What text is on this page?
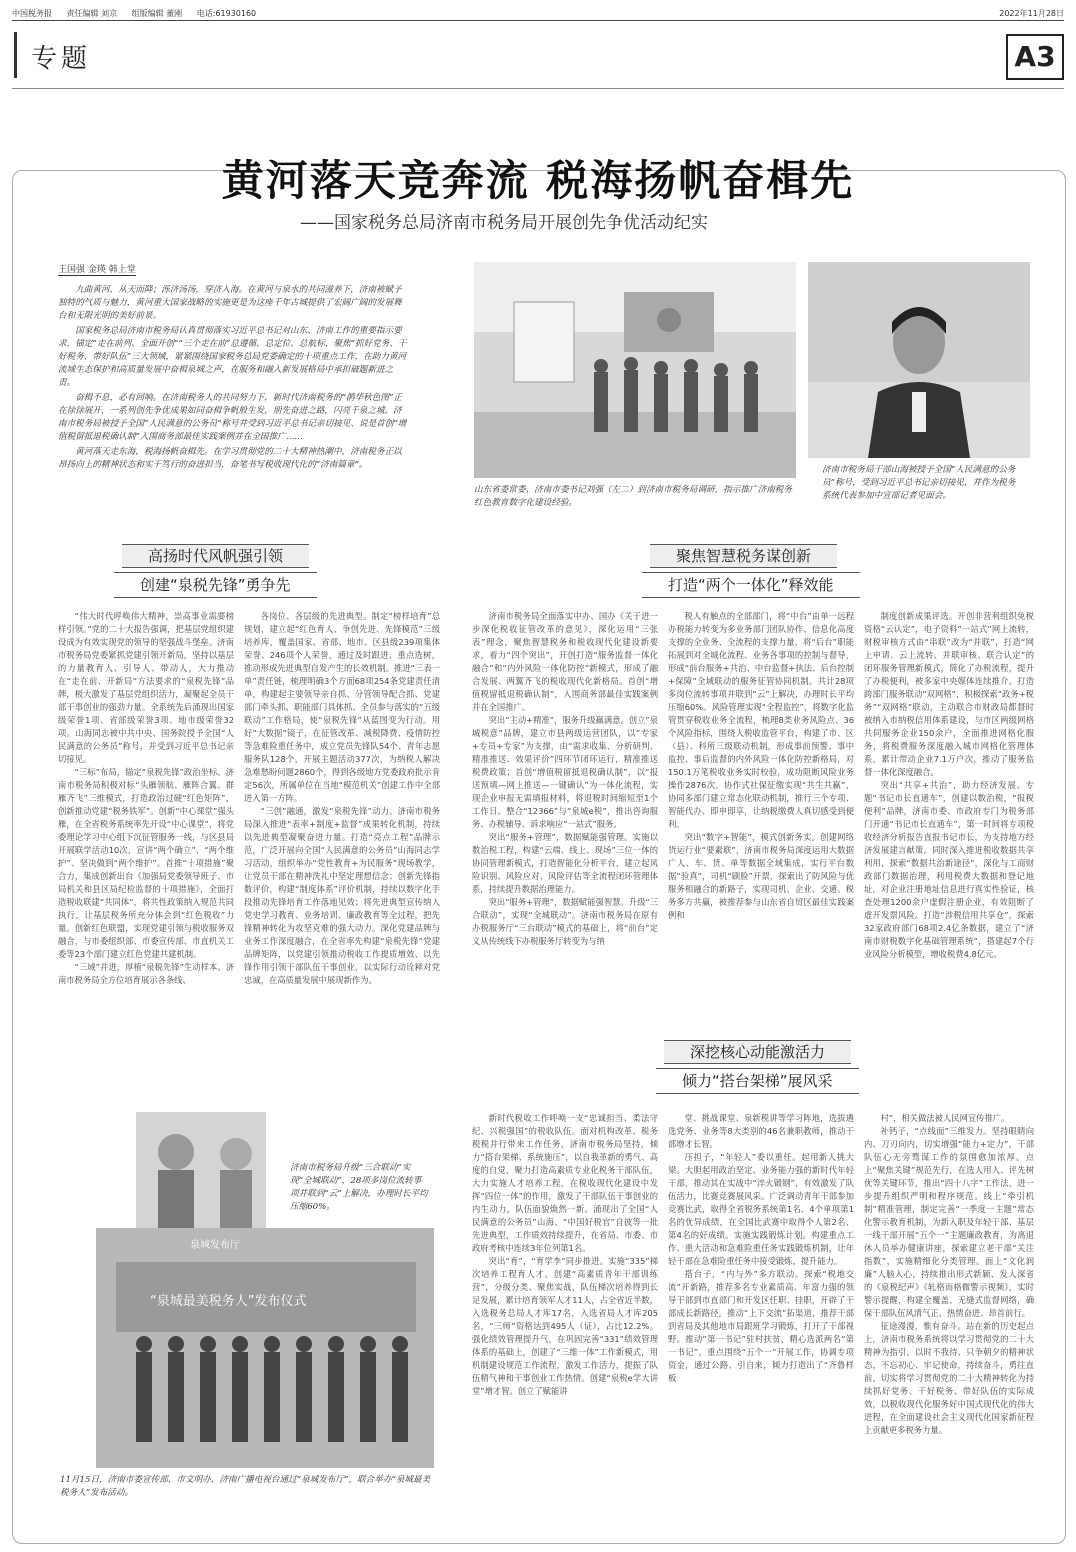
中国税务报 责任编辑 刘京 组版编辑 董刚 电话:61930160	2022年11月28日
专题	A3
黄河落天竞奔流 税海扬帆奋楫先
——国家税务总局济南市税务局开展创先争优活动纪实
王国强 金瑛 韩上堂

九曲黄河，从天而降；泺济汤汤，穿济入海。在黄河与泉水的共同滋养下，济南被赋予独特的气质与魅力，黄河重大国家战略的实施更是为这座千年古城提供了宏阔广阔的发展舞台和无限光明的美好前景。

国家税务总局济南市税务局认真贯彻落实习近平总书记对山东、济南工作的重要指示要求，锚定“走在前列、全面开创”“三个走在前”总遵循、总定位、总航标，聚焦“抓好党务、干好税务、带好队伍”三大领域，紧紧围绕国家税务总局党委确定的十项重点工作，在助力黄河流域生态保护和高质量发展中奋楫泉城之声，在服务和融入新发展格局中承担破题新进之责。

奋楫不息，必有回响。在济南税务人的共同努力下，新时代济南税务的“鹊华秋色图”正在徐徐展开，一系列创先争优成果如同奋楫争帆般生发，朋先奋进之路，闪亮千泉之城。济南市税务局被授予全国“人民满意的公务员”称号并受到习近平总书记亲切接见、说是首创“增值税留抵退税确认制”入围商务部最佳实践案例并在全国推广……

黄河落天走东海，税海扬帆奋楫先。在学习贯彻党的二十大精神热潮中，济南税务正以昂扬向上的精神状态和实干笃行的奋进担当，奋笔书写税收现代化的“济南篇章”。

山东省委常委、济南市委书记刘强（左二）到济南市税务局调研，指示推广济南税务红色教育数字化建设经验。
济南市税务局干部山海被授予全国“人民满意的公务员”称号，受到习近平总书记亲切接见，并作为税务系统代表参加中宣部记者见面会。
高扬时代风帆强引领
创建“泉税先锋”勇争先
聚焦智慧税务谋创新
打造“两个一体化”释效能
深挖核心动能激活力
倾力“搭台架梯”展风采

“伟大时代呼唤伟大精神，崇高事业需要榜样引领。”党的二十大报告强调，把基层党组织建设成为有效实现党的领导的坚强战斗堡垒。济南市税务局党委紧抓党建引领开新局，坚持以基层的力量教育人、引导人、带动人，大力推动在“走在前、开新局”方法要求的“泉税先锋”品牌，极大激发了基层党组织活力，凝聚起全员干部干事创业的强劲力量。全系统先后涌现出国家级荣誉1项、省部级荣誉3项、地市级荣誉32项。山海同志被中共中央、国务院授予全国“人民满意的公务员”称号，并受到习近平总书记亲切接见。

“三标”布局，锚定“泉税先锋”政治坐标。济南市税务局积极对标“头雁领航、雁阵合翼、群雁齐飞”三维模式，打造政治过硬“红色矩阵”，创新推动党建“税务铁军”。创新“中心课堂”强头雁，在全省税务系统率先开设“中心课堂”，将党委理论学习中心组下沉征管服务一线，与区县局开展联学活动10次，宣讲“两个确立”、“两个维护”、坚决做到“两个维护”。首推“十项措施”聚合力，集成创新出台《加强局党委领导班子、市局机关和县区局纪检监督的十项措施》，全面打造税收联建“共同体”，将共性政策纳入规范共同执行，让基层税务所充分体会到“红色税收”力量。创新红色联盟，实现党建引领与税收服务双融合，与市委组织部、市委宣传部、市直机关工委等23个部门建立红色党建共建机制。

“三域”并进，厚植“泉税先锋”生动样本。济南市税务局全方位培育展示各条线、

各岗位、各层级的先进典型。制定“榜样培育”总规划，建立起“红色育人、争创先进、先锋模范”三级培养库，覆盖国家、省部、地市、区县级239项集体荣誉、246项个人荣誉，通过及时跟进、重点选树，推动形成先进典型自发产生的长效机制。推进“三表一单”责任链，梳理明确3个方面68项254条党建责任清单，构建起主要领导亲自抓、分管领导配合抓、党建部门牵头抓、职能部门具体抓、全员参与落实的“五级联动”工作格局，使“泉税先锋”从蓝图变为行动。用好“大数据”镜子，在征管改革、减税降费、疫情防控等急难险重任务中，成立党员先锋队54个、青年志愿服务队128个，开展主题活动377次，为纳税人解决急难愁盼问题2860个，得到各级地方党委政府批示肯定56次，所属单位在当地“模范机关”创建工作中全部进入第一方阵。

“三创”融通，激发“泉税先锋”动力。济南市税务局深入推进“表率+制度+监督”成果转化机制，持续以先进典型凝聚奋进力量。打造“亮点工程”品牌示范，广泛开展向全国“人民满意的公务员”山海同志学习活动，组织举办“党性教育+为民服务”现场教学，让党员干部在精神洗礼中坚定理想信念；创新先锋指数评价，构建“制度体系”评价机制，持续以数字化手段推动先锋培育工作落地见效；将先进典型宣传纳入党史学习教育、业务培训、廉政教育等全过程，把先锋精神转化为攻坚克难的强大动力。深化党建品牌与业务工作深度融合，在全省率先构建“泉税先锋”党建品牌矩阵，以党建引领推动税收工作提质增效、以先锋作用引领干部队伍干事创业，以实际行动诠释对党忠诚，在高质量发展中展现新作为。

济南市税务局全面落实中办、国办《关于进一步深化税收征管改革的意见》，深化运用“三张表”理念，聚焦智慧税务和税收现代化建设新要求，着力“四个突出”，开创打造“服务监督一体化融合”和“内外风险一体化防控”新模式，形成了融合发展、两翼齐飞的税收现代化新格局。首创“增值税留抵退税确认制”，入围商务部最佳实践案例并在全国推广。

突出“主动+精准”，服务升级赢满意。创立“泉城税意”品牌，建立市县两级运营团队，以“专家+专员+专家”为支撑，由“需求收集、分析研判、精准推送、效果评价”四环节闭环运行，精准推送税费政策；首创“增值税留抵退税确认制”，以“报送预填—网上推送—一键确认”为一体化流程，实现企业申报无需填报材料，将退税时间缩短至1个工作日。整合“12366”与“泉城e税”，推出咨询服务、办税辅导、诉求响应“一站式”服务。

突出“服务+管理”，数据赋能强管理。实施以数治税工程，构建“云端、线上、现场”三位一体的协同管理新模式，打造智能化分析平台，建立起风险识别、风险应对、风险评估等全流程闭环管理体系，持续提升数据治理能力。

突出“服务+管理”，数据赋能强智慧。升级“三合联动”，实现“全城联动”。济南市税务局在原有办税服务厅“三台联动”模式的基础上，将“前台”定义从传统线下办税服务厅转变为与纳

税人有触点的全部部门，将“中台”由单一远程办税能力转变为多业务部门团队协作、信息化高度支撑的全业务、全流程的支撑力量，将“后台”职能拓展到对全城化流程、业务各事项的控制与督导，形成“前台服务+共治、中台监督+执法、后台控制+保障”全域联动的服务征管协同机制。共计28项多岗位流转事项并联到“云”上解决，办理时长平均压缩60%。风险管理实现“全程监控”，将数字化监管贯穿税收业务全流程，梳理8类业务风险点、36个风险指标，围绕人税收监管平台，构建了市、区（县）、科所三级联动机制，形成事前预警、事中监控、事后监督的内外风险一体化防控新格局，对150.1万笔税收业务实时校验，成功阻断风险业务操作2876次。协作式社保征缴实现“共生共赢”，协同多部门建立常态化联动机制，推行三个专项、智能代办、即申即享，让纳税缴费人真切感受到便利。

突出“数字+智能”，模式创新务实。创建网络货运行业“要素联”，济南市税务局深度运用大数据广人、车、货、单等数据全域集成，实行平台数据“验真”，司机“刷脸”开票，探索出了防风险与优服务相融合的新路子，实现司机、企业、交通、税务多方共赢，被推荐参与山东省自贸区最佳实践案例和

制度创新成果评选。开创非营利组织免税资格“云认定”，电子资料“一站式”网上流转，财税审核方式由“串联”改为“并联”，打造“网上申请、云上流转、并联审核、联合认定”的闭环服务管理新模式，简化了办税流程，提升了办税便利，被多家中央媒体连续推介。打造跨部门服务联动“双网格”，积极探索“政务+税务”“双网格”联动，主动联合市财政局都督时被纳入市纳税信用体系建设，与市区两级网格共同服务企业150余户，全面推进网格化服务，将税费服务深度融入城市网格化管理体系，累计带动企业7.1万户次，推动了服务监督一体化深度融合。

突出“共享+共治”，助力经济发展。专题“书记市长直通车”，创建以数治税，“报税便利”品牌，济南市委、市政府专门为税务部门开通“书记市长直通车”，第一时间将专项税收经济分析报告直报书记市长，为支持地方经济发展建言献策。同时深入推进税收数据共享利用，探索“数据共治新途径”，深化与工商财政部门数据治理，利用税费大数据和登记地址，对企业注册地址信息进行真实性验证，核查处理1200余户虚假注册企业，有效阻断了虚开发票风险。打造“涉税信用共享仓”，探索32家政府部门68项2.4亿条数据，建立了“济南市财税数字化基础管理系统”，搭建起7个行业风险分析模型，增收税费4.8亿元。

泉城发布厅
“泉城最美税务人”发布仪式
济南市税务局升级“三合联动”实现“全城联动”，28项多岗位流转事项并联到“云”上解决，办理时长平均压缩60%。
11月15日，济南市委宣传部、市文明办、济南广播电视台通过“泉城发布厅”，联合举办“泉城最美税务人”发布活动。

新时代税收工作呼唤一支“忠诚担当、柔法守纪、兴税强国”的税收队伍。面对机构改革、税务税税并行带来工作任务，济南市税务局坚持，倾力“搭台架梯、系统施压”，以自我革新的勇气、高度的自觉，聚力打造高素质专业化税务干部队伍，大力实施人才培养工程，在税收现代化建设中发挥“四位一体”的作用，激发了干部队伍干事创业的内生动力，队伍面貌焕然一新。涌现出了全国“人民满意的公务员”山海、“中国好税官”自彼等一批先进典型，工作质效持续提升，在省局、市委、市政府考核中连续3年位列第1名。

突出“育”，“育学李”同步推进。实施“335”梯次培养工程育人才。创建“高素质青年干部训练营”，分级分类、聚焦实战，队伍梯次培养得到长足发展，累计培育领军人才11人，占全省近半数，入选税务总局人才库17名，入选省局人才库205名，“三师”资格达到495人（证），占比12.2%。强化绩效管理提升气，在巩固完善“331”绩效管理体系的基础上，创建了“三维一体”工作新模式，用机制建设规范工作流程，激发工作活力，提振了队伍精气神和干事创业工作热情。创建“泉税e学大讲堂”增才智。创立了赋能讲

堂、挑战课堂、泉新税讲等学习阵地，选拔遴选党务、业务等8大类别的46名兼职教师，推动干部增才长智。

压担子，“年轻人”委以重任。起用新人挑大梁。大胆起用政治坚定、业务能力强的新时代年轻干部，推动其在实战中“淬火锻钢”，有效激发了队伍活力，比赛竞赛展风采。广泛调动青年干部参加竞赛比武，取得全省税务系统第1名、4个单项第1名的优异成绩，在全国比武赛中取得个人第2名、第4名的好成绩。实施实践锻炼计划。构建重点工作、重大活动和急难险重任务实践锻炼机制，让年轻干部在急难险重任务中接受锻炼，提升能力。

搭台子，“内与外”多方联动。探索“税地交流”开新路，推荐多名专业素质高、年富力强的领导干部到市直部门和开发区任职、挂职，开辟了干部成长新路径。推动“上下交流”拓渠道，推荐干部到省局及其他地市局跟班学习锻炼，打开了干部视野。推动“第一书记”驻村扶贫，精心选派两名“第一书记”，重点围绕“五个一”开展工作，协调专项资金，通过公路、引自来，倾力打造出了“齐鲁样板

村”，相关做法被人民网宣传推广。

补钙子，“点线面”三维发力。坚持眼睛向内、刀刃向内，切实增强“能力+定力”，干部队伍心无旁骛谋工作的氛围愈加浓厚。点上“聚焦关键”规范先行，在选人用人、评先树优等关键环节，推出“四十八字”工作法，进一步提升组织严明和程序规范。线上“牵引机制”精准管理，制定完善“一季度一主题”常态化警示教育机制，为新入职及年轻干部、基层一线干部开展“五个一”主题廉政教育，为离退休人员举办健康讲座，探索建立老干部“关注指数”，实施精细化分类管理。面上“文化润廉”人脑入心，持续推出形式新颖、发人深省的《泉税纪声》《轧格而格微警示视频》，实时警示提醒，构建全覆盖、无缝式监督网络，确保干部队伍风清气正、热情奋进、昂首前行。

征途漫漫，惟有奋斗。站在新的历史起点上，济南市税务系统将以学习贯彻党的二十大精神为指引，以时不我待、只争朝夕的精神状态，不忘初心、牢记使命，持续奋斗，勇往直前，切实将学习贯彻党的二十大精神转化为持续抓好党务、干好税务、带好队伍的实际成效，以税收现代化服务好中国式现代化的伟大进程，在全面建设社会主义现代化国家新征程上贡献更多税务力量。
